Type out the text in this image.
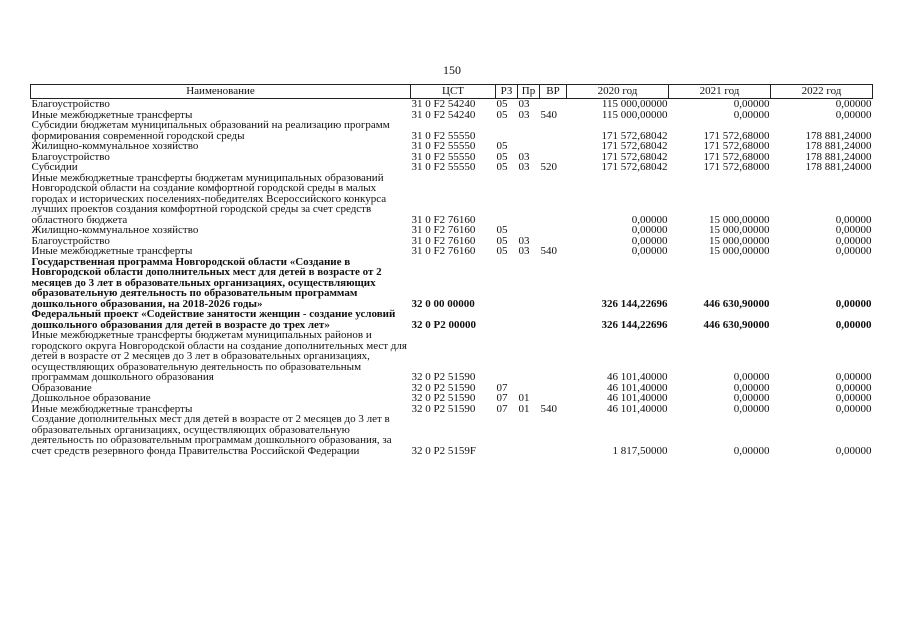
150
Наименование	ЦСТ	РЗ	Пр	ВР	2020 год	2021 год	2022 год
Благоустройство	31 0 F2 54240	05	03		115 000,00000	0,00000	0,00000
Иные межбюджетные трансферты	31 0 F2 54240	05	03	540	115 000,00000	0,00000	0,00000
Субсидии бюджетам муниципальных образований на реализацию программ формирования современной городской среды	31 0 F2 55550				171 572,68042	171 572,68000	178 881,24000
Жилищно-коммунальное хозяйство	31 0 F2 55550	05			171 572,68042	171 572,68000	178 881,24000
Благоустройство	31 0 F2 55550	05	03		171 572,68042	171 572,68000	178 881,24000
Субсидии	31 0 F2 55550	05	03	520	171 572,68042	171 572,68000	178 881,24000
Иные межбюджетные трансферты бюджетам муниципальных образований Новгородской области на создание комфортной городской среды в малых городах и исторических поселениях-победителях Всероссийского конкурса лучших проектов создания комфортной городской среды за счет средств областного бюджета	31 0 F2 76160				0,00000	15 000,00000	0,00000
Жилищно-коммунальное хозяйство	31 0 F2 76160	05			0,00000	15 000,00000	0,00000
Благоустройство	31 0 F2 76160	05	03		0,00000	15 000,00000	0,00000
Иные межбюджетные трансферты	31 0 F2 76160	05	03	540	0,00000	15 000,00000	0,00000
Государственная программа Новгородской области «Создание в Новгородской области дополнительных мест для детей в возрасте от 2 месяцев до 3 лет в образовательных организациях, осуществляющих образовательную деятельность по образовательным программам дошкольного образования, на 2018-2026 годы»	32 0 00 00000				326 144,22696	446 630,90000	0,00000
Федеральный проект «Содействие занятости женщин - создание условий дошкольного образования для детей в возрасте до трех лет»	32 0 P2 00000				326 144,22696	446 630,90000	0,00000
Иные межбюджетные трансферты бюджетам муниципальных районов и городского округа Новгородской области на создание дополнительных мест для детей в возрасте от 2 месяцев до 3 лет в образовательных организациях, осуществляющих образовательную деятельность по образовательным программам дошкольного образования	32 0 P2 51590				46 101,40000	0,00000	0,00000
Образование	32 0 P2 51590	07			46 101,40000	0,00000	0,00000
Дошкольное образование	32 0 P2 51590	07	01		46 101,40000	0,00000	0,00000
Иные межбюджетные трансферты	32 0 P2 51590	07	01	540	46 101,40000	0,00000	0,00000
Создание дополнительных мест для детей в возрасте от 2 месяцев до 3 лет в образовательных организациях, осуществляющих образовательную деятельность по образовательным программам дошкольного образования, за счет средств резервного фонда Правительства Российской Федерации	32 0 P2 5159F				1 817,50000	0,00000	0,00000
